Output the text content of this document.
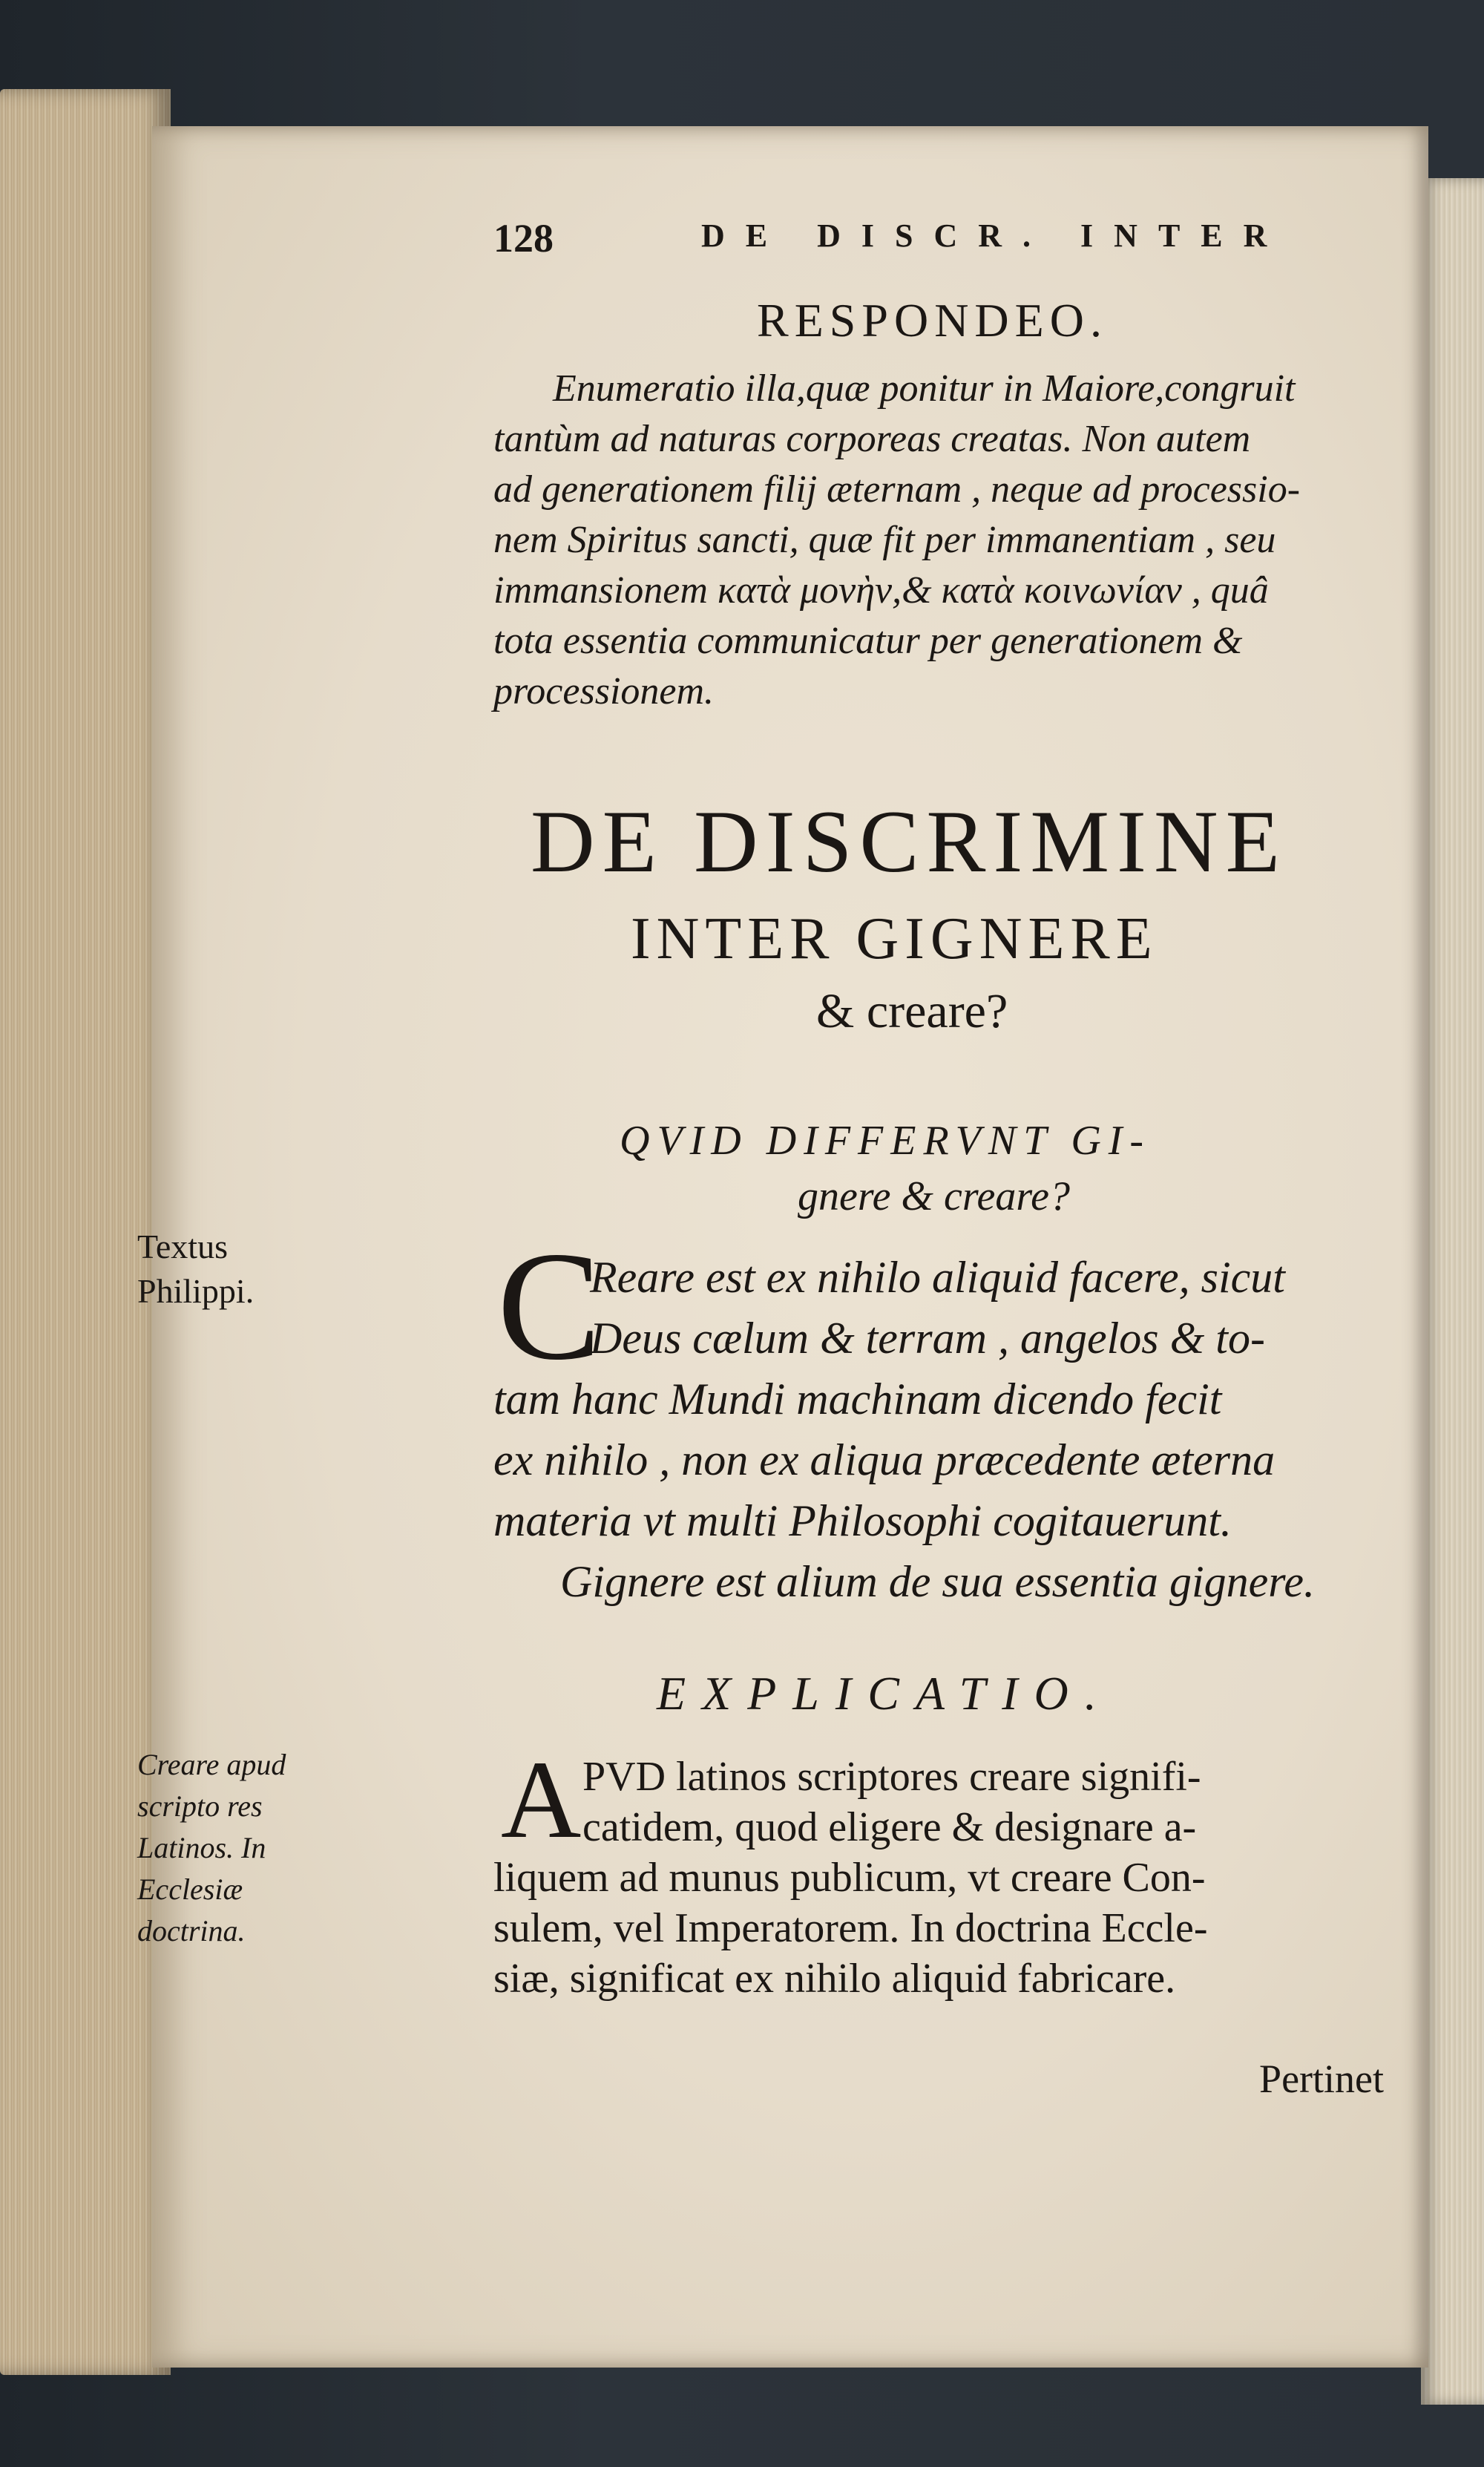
128	DE DISCR. INTER
RESPONDEO.
Enumeratio illa,quæ ponitur in Maiore,congruit
tantùm ad naturas corporeas creatas. Non autem
ad generationem filij æternam , neque ad processio-
nem Spiritus sancti, quæ fit per immanentiam , seu
immansionem κατὰ μονὴν,& κατὰ κοινωνίαν , quâ
tota essentia communicatur per generationem &
processionem.
DE DISCRIMINE
INTER GIGNERE
& creare?
QVID DIFFERVNT GI-
gnere & creare?
Textus Philippi. C
Reare est ex nihilo aliquid facere, sicut
Deus cælum & terram , angelos & to-
tam hanc Mundi machinam dicendo fecit
ex nihilo , non ex aliqua præcedente æterna
materia vt multi Philosophi cogitauerunt.
Gignere est alium de sua essentia gignere.
EXPLICATIO.
Creare apud scripto res Latinos. In Ecclesiæ doctrina.
A PVD latinos scriptores creare signifi-
catidem, quod eligere & designare a-
liquem ad munus publicum, vt creare Con-
sulem, vel Imperatorem. In doctrina Eccle-
siæ, significat ex nihilo aliquid fabricare.
Pertinet
